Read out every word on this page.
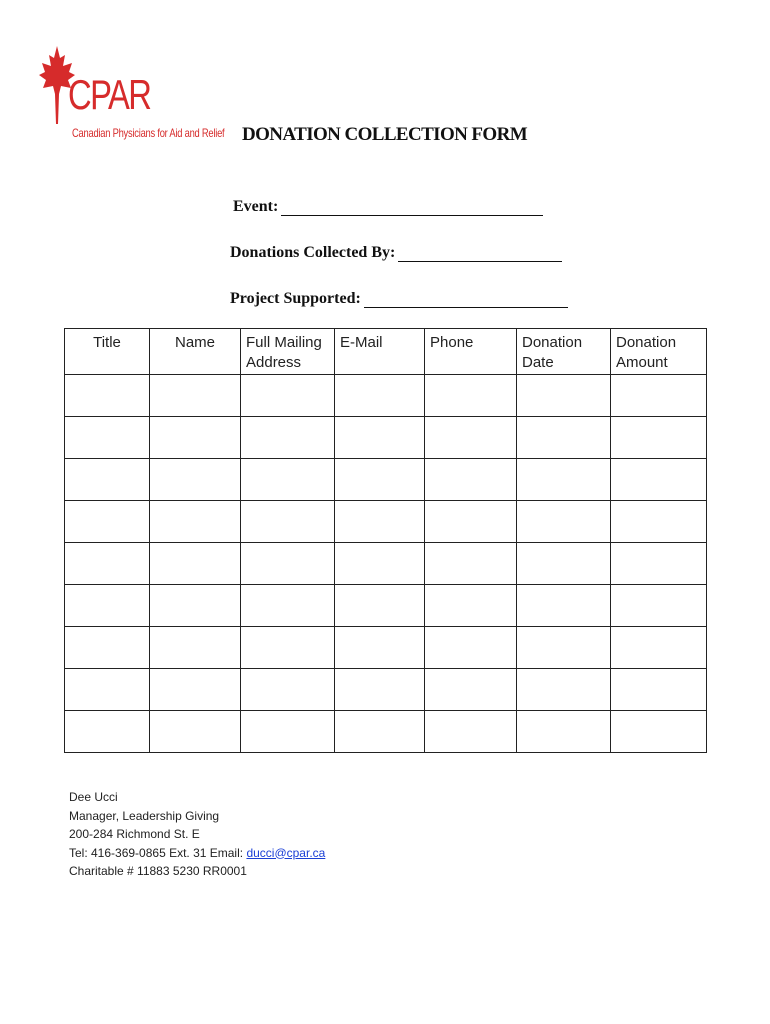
CPAR
Canadian Physicians for Aid and Relief DONATION COLLECTION FORM
Event:
Donations Collected By:
Project Supported:
Title	Name	Full Mailing Address	E-Mail	Phone	Donation Date	Donation Amount

Dee Ucci
Manager, Leadership Giving
200-284 Richmond St. E
Tel: 416-369-0865 Ext. 31 Email: ducci@cpar.ca
Charitable # 11883 5230 RR0001
